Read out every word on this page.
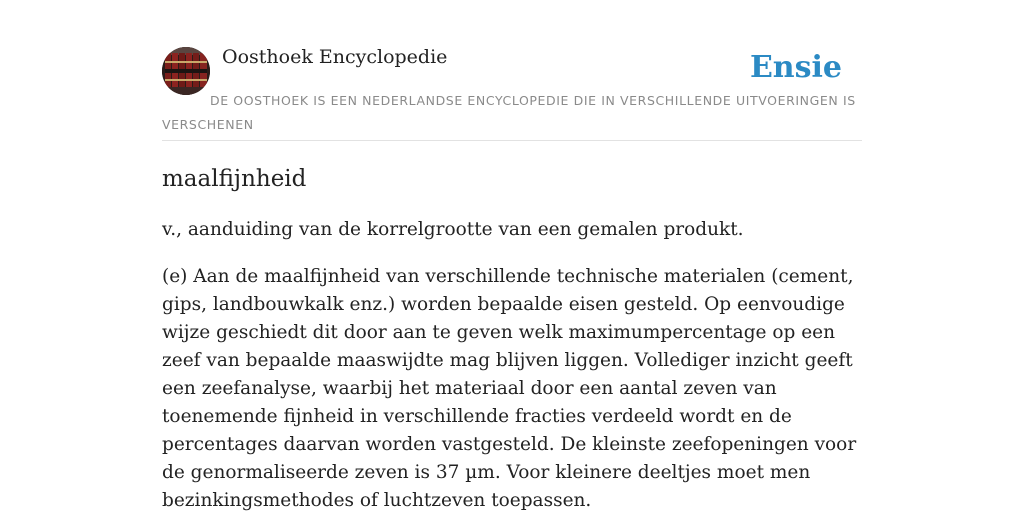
Oosthoek Encyclopedie	Ensie
DE OOSTHOEK IS EEN NEDERLANDSE ENCYCLOPEDIE DIE IN VERSCHILLENDE UITVOERINGEN IS VERSCHENEN
maalfijnheid

v., aanduiding van de korrelgrootte van een gemalen produkt.

(e) Aan de maalfijnheid van verschillende technische materialen (cement, gips, landbouwkalk enz.) worden bepaalde eisen gesteld. Op eenvoudige wijze geschiedt dit door aan te geven welk maximumpercentage op een zeef van bepaalde maaswijdte mag blijven liggen. Vollediger inzicht geeft een zeefanalyse, waarbij het materiaal door een aantal zeven van toenemende fijnheid in verschillende fracties verdeeld wordt en de percentages daarvan worden vastgesteld. De kleinste zeefopeningen voor de genormaliseerde zeven is 37 µm. Voor kleinere deeltjes moet men bezinkingsmethodes of luchtzeven toepassen.
